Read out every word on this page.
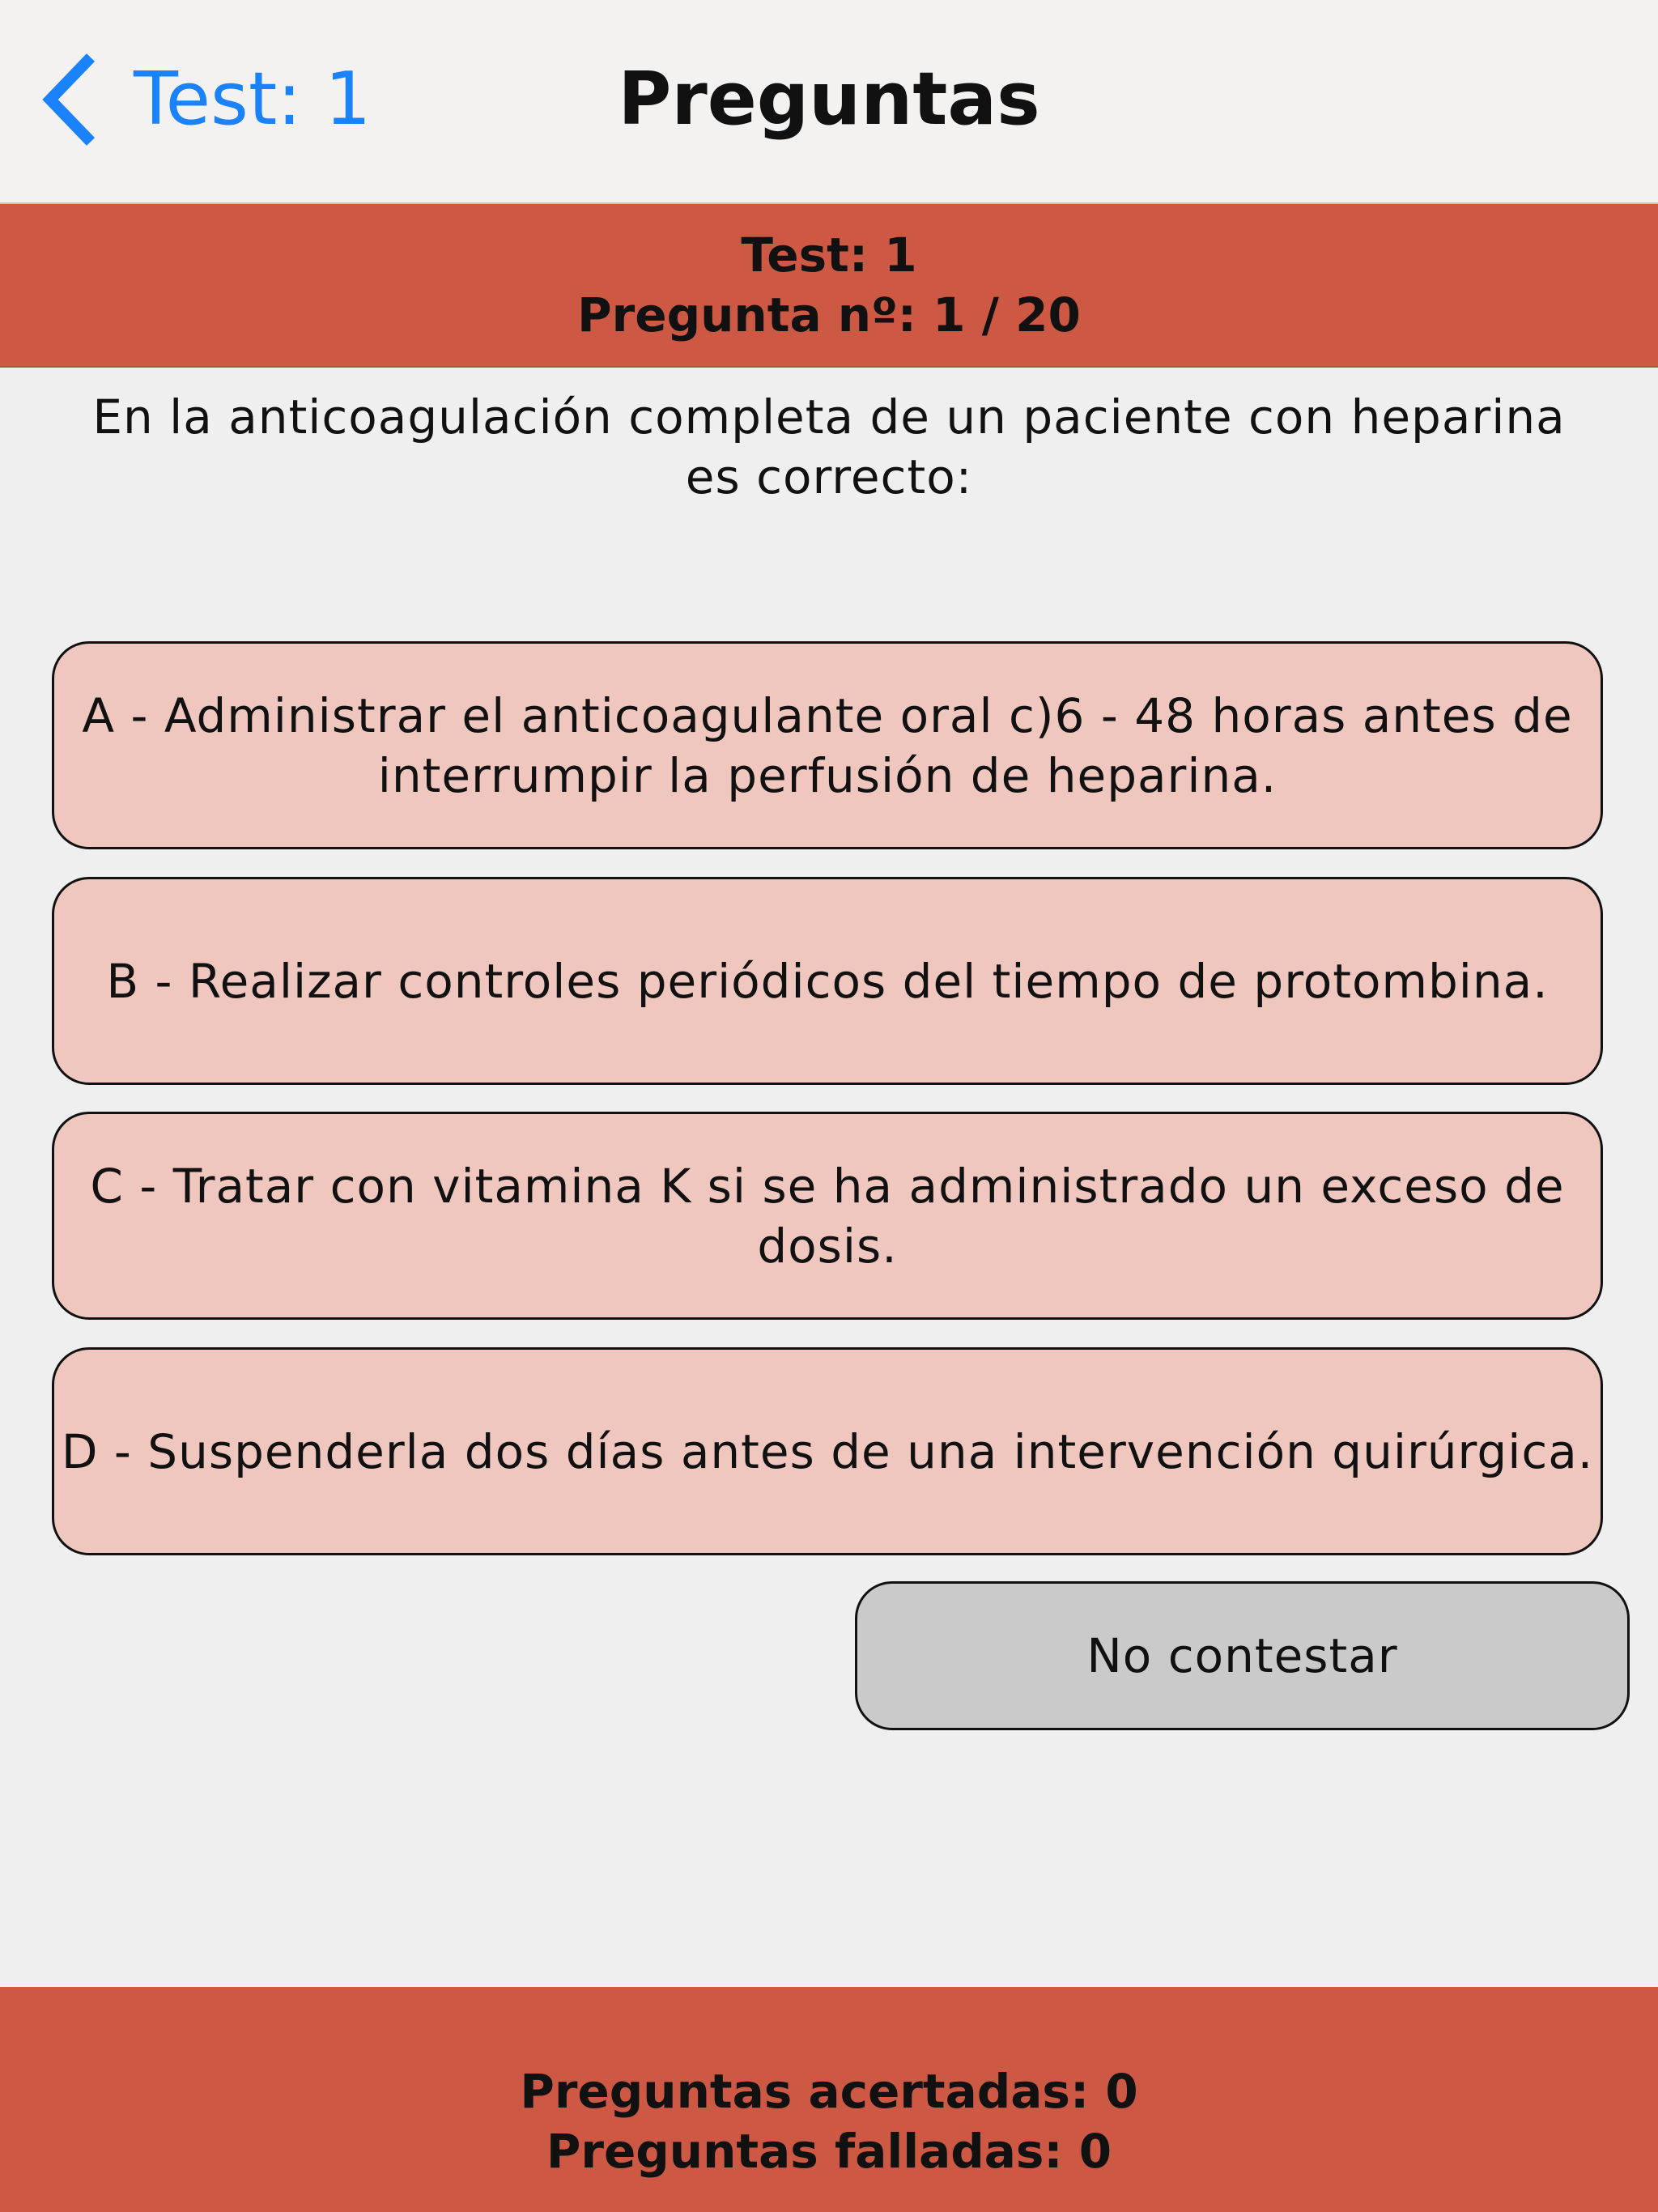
Test: 1	Preguntas
Test: 1
Pregunta nº: 1 / 20
En la anticoagulación completa de un paciente con heparina es correcto:
A - Administrar el anticoagulante oral c)6 - 48 horas antes de interrumpir la perfusión de heparina.
B - Realizar controles periódicos del tiempo de protombina.
C - Tratar con vitamina K si se ha administrado un exceso de dosis.
D - Suspenderla dos días antes de una intervención quirúrgica.
No contestar
Preguntas acertadas: 0
Preguntas falladas: 0
